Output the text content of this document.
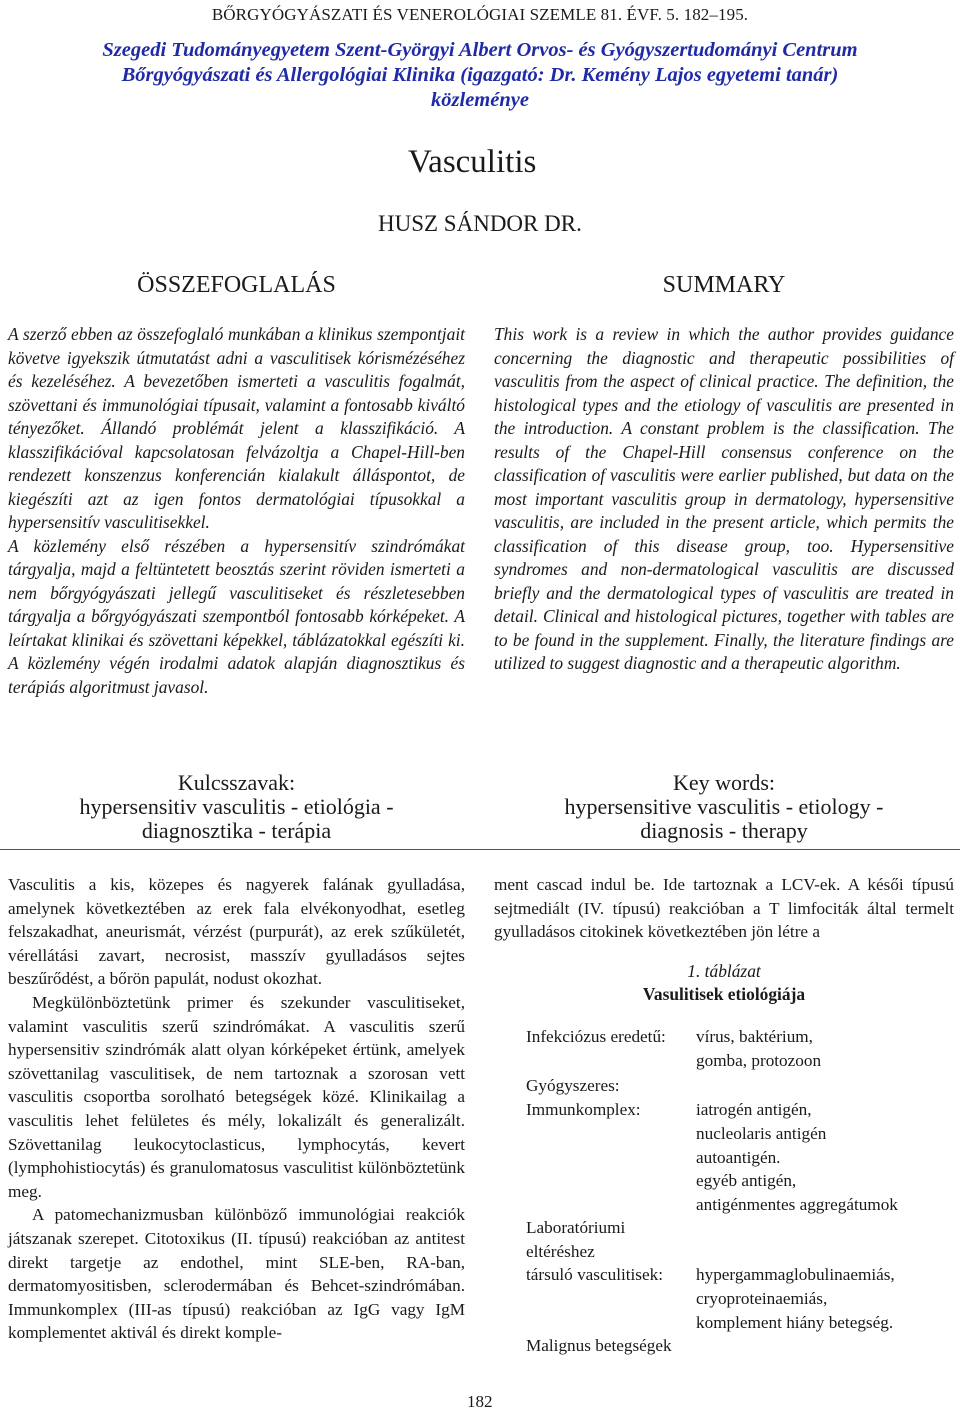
BŐRGYÓGYÁSZATI ÉS VENEROLÓGIAI SZEMLE 81. ÉVF. 5. 182–195.
Szegedi Tudományegyetem Szent-Györgyi Albert Orvos- és Gyógyszertudományi Centrum
Bőrgyógyászati és Allergológiai Klinika (igazgató: Dr. Kemény Lajos egyetemi tanár)
közleménye
Vasculitis
HUSZ SÁNDOR DR.
ÖSSZEFOGLALÁS

A szerző ebben az összefoglaló munkában a klinikus szempontjait követve igyekszik útmutatást adni a vasculitisek kórismézéséhez és kezeléséhez. A bevezetőben ismerteti a vasculitis fogalmát, szövettani és immunológiai típusait, valamint a fontosabb kiváltó tényezőket. Állandó problémát jelent a klasszifikáció. A klasszifikációval kapcsolatosan felvázoltja a Chapel-Hill-ben rendezett konszenzus konferencián kialakult álláspontot, de kiegészíti azt az igen fontos dermatológiai típusokkal a hypersensitív vasculitisekkel.

A közlemény első részében a hypersensitív szindrómákat tárgyalja, majd a feltüntetett beosztás szerint röviden ismerteti a nem bőrgyógyászati jellegű vasculitiseket és részletesebben tárgyalja a bőrgyógyászati szempontból fontosabb kórképeket. A leírtakat klinikai és szövettani képekkel, táblázatokkal egészíti ki. A közlemény végén irodalmi adatok alapján diagnosztikus és terápiás algoritmust javasol.

Kulcsszavak:
hypersensitiv vasculitis - etiológia -
diagnosztika - terápia
SUMMARY

This work is a review in which the author provides guidance concerning the diagnostic and therapeutic possibilities of vasculitis from the aspect of clinical practice. The definition, the histological types and the etiology of vasculitis are presented in the introduction. A constant problem is the classification. The results of the Chapel-Hill consensus conference on the classification of vasculitis were earlier published, but data on the most important vasculitis group in dermatology, hypersensitive vasculitis, are included in the present article, which permits the classification of this disease group, too. Hypersensitive syndromes and non-dermatological vasculitis are discussed briefly and the dermatological types of vasculitis are treated in detail. Clinical and histological pictures, together with tables are to be found in the supplement. Finally, the literature findings are utilized to suggest diagnostic and a therapeutic algorithm.

Key words:
hypersensitive vasculitis - etiology -
diagnosis - therapy

Vasculitis a kis, közepes és nagyerek falának gyulladása, amelynek következtében az erek fala elvékonyodhat, esetleg felszakadhat, aneurismát, vérzést (purpurát), az erek szűkületét, vérellátási zavart, necrosist, masszív gyulladásos sejtes beszűrődést, a bőrön papulát, nodust okozhat.

Megkülönböztetünk primer és szekunder vasculitiseket, valamint vasculitis szerű szindrómákat. A vasculitis szerű hypersensitiv szindrómák alatt olyan kórképeket értünk, amelyek szövettanilag vasculitisek, de nem tartoznak a szorosan vett vasculitis csoportba sorolható betegségek közé. Klinikailag a vasculitis lehet felületes és mély, lokalizált és generalizált. Szövettanilag leukocytoclasticus, lymphocytás, kevert (lymphohistiocytás) és granulomatosus vasculitist különböztetünk meg.

A patomechanizmusban különböző immunológiai reakciók játszanak szerepet. Citotoxikus (II. típusú) reakcióban az antitest direkt targetje az endothel, mint SLE-ben, RA-ban, dermatomyositisben, sclerodermában és Behcet-szindrómában. Immunkomplex (III-as típusú) reakcióban az IgG vagy IgM komplementet aktivál és direkt komple-

ment cascad indul be. Ide tartoznak a LCV-ek. A késői típusú sejtmediált (IV. típusú) reakcióban a T limfociták által termelt gyulladásos citokinek következtében jön létre a

1. táblázat
Vasulitisek etiológiája
Infekciózus eredetű: vírus, baktérium,
gomba, protozoon
Gyógyszeres:
Immunkomplex:	iatrogén antigén,
nucleolaris antigén
autoantigén.
egyéb antigén,
antigénmentes aggregátumok
Laboratóriumi
eltéréshez
társuló vasculitisek: hypergammaglobulinaemiás,
cryoproteinaemiás,
komplement hiány betegség.
Malignus betegségek
182
